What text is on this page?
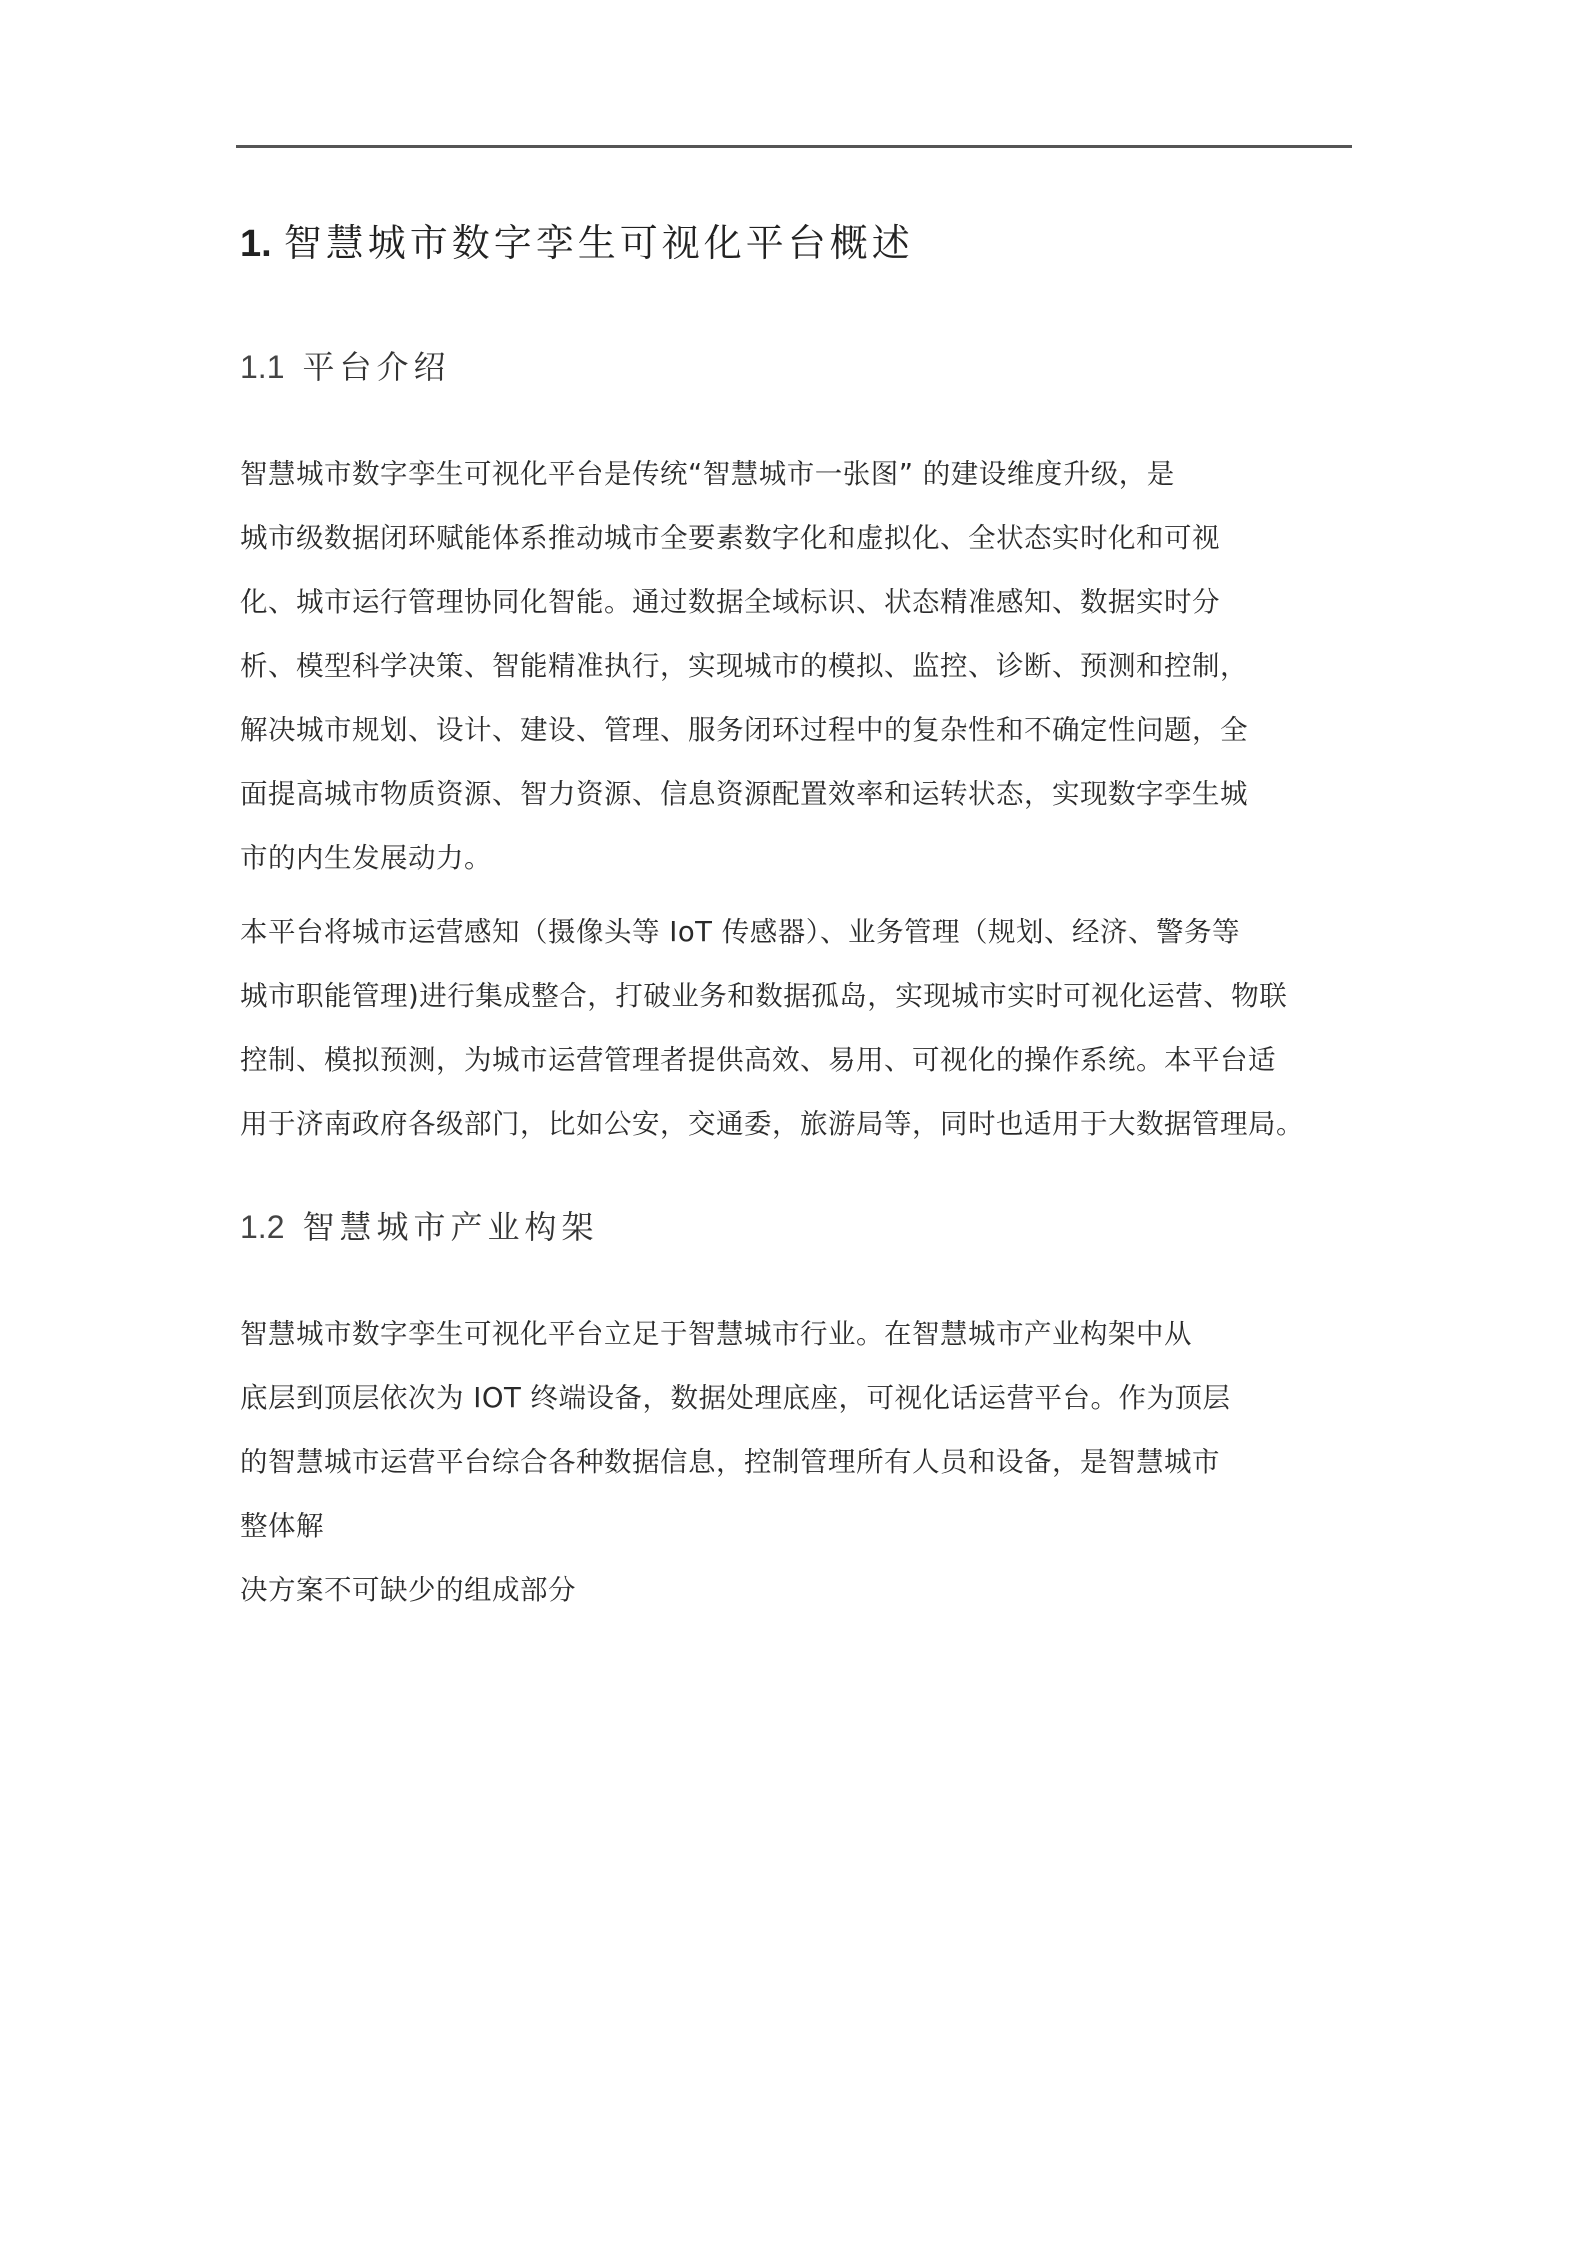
1. 智慧城市数字孪生可视化平台概述
1.1 平台介绍
智慧城市数字孪生可视化平台是传统“智慧城市一张图” 的建设维度升级，是
城市级数据闭环赋能体系推动城市全要素数字化和虚拟化、全状态实时化和可视
化、城市运行管理协同化智能。通过数据全域标识、状态精准感知、数据实时分
析、模型科学决策、智能精准执行，实现城市的模拟、监控、诊断、预测和控制，
解决城市规划、设计、建设、管理、服务闭环过程中的复杂性和不确定性问题，全
面提高城市物质资源、智力资源、信息资源配置效率和运转状态，实现数字孪生城
市的内生发展动力。
本平台将城市运营感知（摄像头等 IoT 传感器）、业务管理（规划、经济、警务等
城市职能管理)进行集成整合，打破业务和数据孤岛，实现城市实时可视化运营、物联
控制、模拟预测，为城市运营管理者提供高效、易用、可视化的操作系统。本平台适
用于济南政府各级部门，比如公安，交通委，旅游局等，同时也适用于大数据管理局。
1.2 智慧城市产业构架
智慧城市数字孪生可视化平台立足于智慧城市行业。在智慧城市产业构架中从
底层到顶层依次为 IOT 终端设备，数据处理底座，可视化话运营平台。作为顶层
的智慧城市运营平台综合各种数据信息，控制管理所有人员和设备，是智慧城市
整体解
决方案不可缺少的组成部分
